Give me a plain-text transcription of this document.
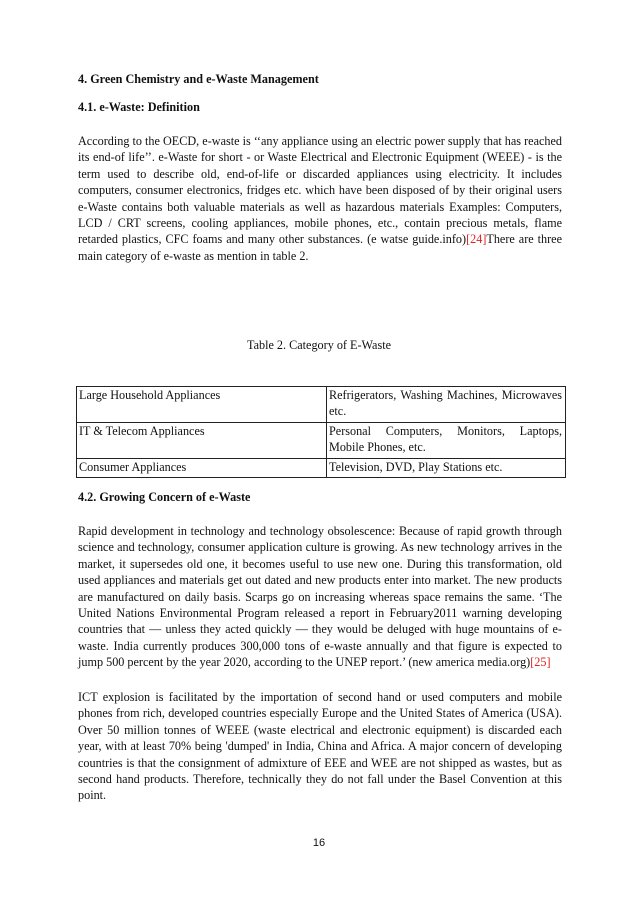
4. Green Chemistry and e-Waste Management
4.1. e-Waste: Definition

According to the OECD, e-waste is ‘‘any appliance using an electric power supply that has reached its end-of life’’. e-Waste for short - or Waste Electrical and Electronic Equipment (WEEE) - is the term used to describe old, end-of-life or discarded appliances using electricity. It includes computers, consumer electronics, fridges etc. which have been disposed of by their original users e-Waste contains both valuable materials as well as hazardous materials Examples: Computers, LCD / CRT screens, cooling appliances, mobile phones, etc., contain precious metals, flame retarded plastics, CFC foams and many other substances. (e watse guide.info)[24]There are three main category of e-waste as mention in table 2.

Table 2. Category of E-Waste
Large Household Appliances	Refrigerators, Washing Machines, Microwaves etc.
IT & Telecom Appliances	Personal Computers, Monitors, Laptops, Mobile Phones, etc.
Consumer Appliances	Television, DVD, Play Stations etc.
4.2. Growing Concern of e-Waste

Rapid development in technology and technology obsolescence: Because of rapid growth through science and technology, consumer application culture is growing. As new technology arrives in the market, it supersedes old one, it becomes useful to use new one. During this transformation, old used appliances and materials get out dated and new products enter into market. The new products are manufactured on daily basis. Scarps go on increasing whereas space remains the same. ‘The United Nations Environmental Program released a report in February2011 warning developing countries that — unless they acted quickly — they would be deluged with huge mountains of e-waste. India currently produces 300,000 tons of e-waste annually and that figure is expected to jump 500 percent by the year 2020, according to the UNEP report.’ (new america media.org)[25]

ICT explosion is facilitated by the importation of second hand or used computers and mobile phones from rich, developed countries especially Europe and the United States of America (USA). Over 50 million tonnes of WEEE (waste electrical and electronic equipment) is discarded each year, with at least 70% being 'dumped' in India, China and Africa. A major concern of developing countries is that the consignment of admixture of EEE and WEE are not shipped as wastes, but as second hand products. Therefore, technically they do not fall under the Basel Convention at this point.

16
